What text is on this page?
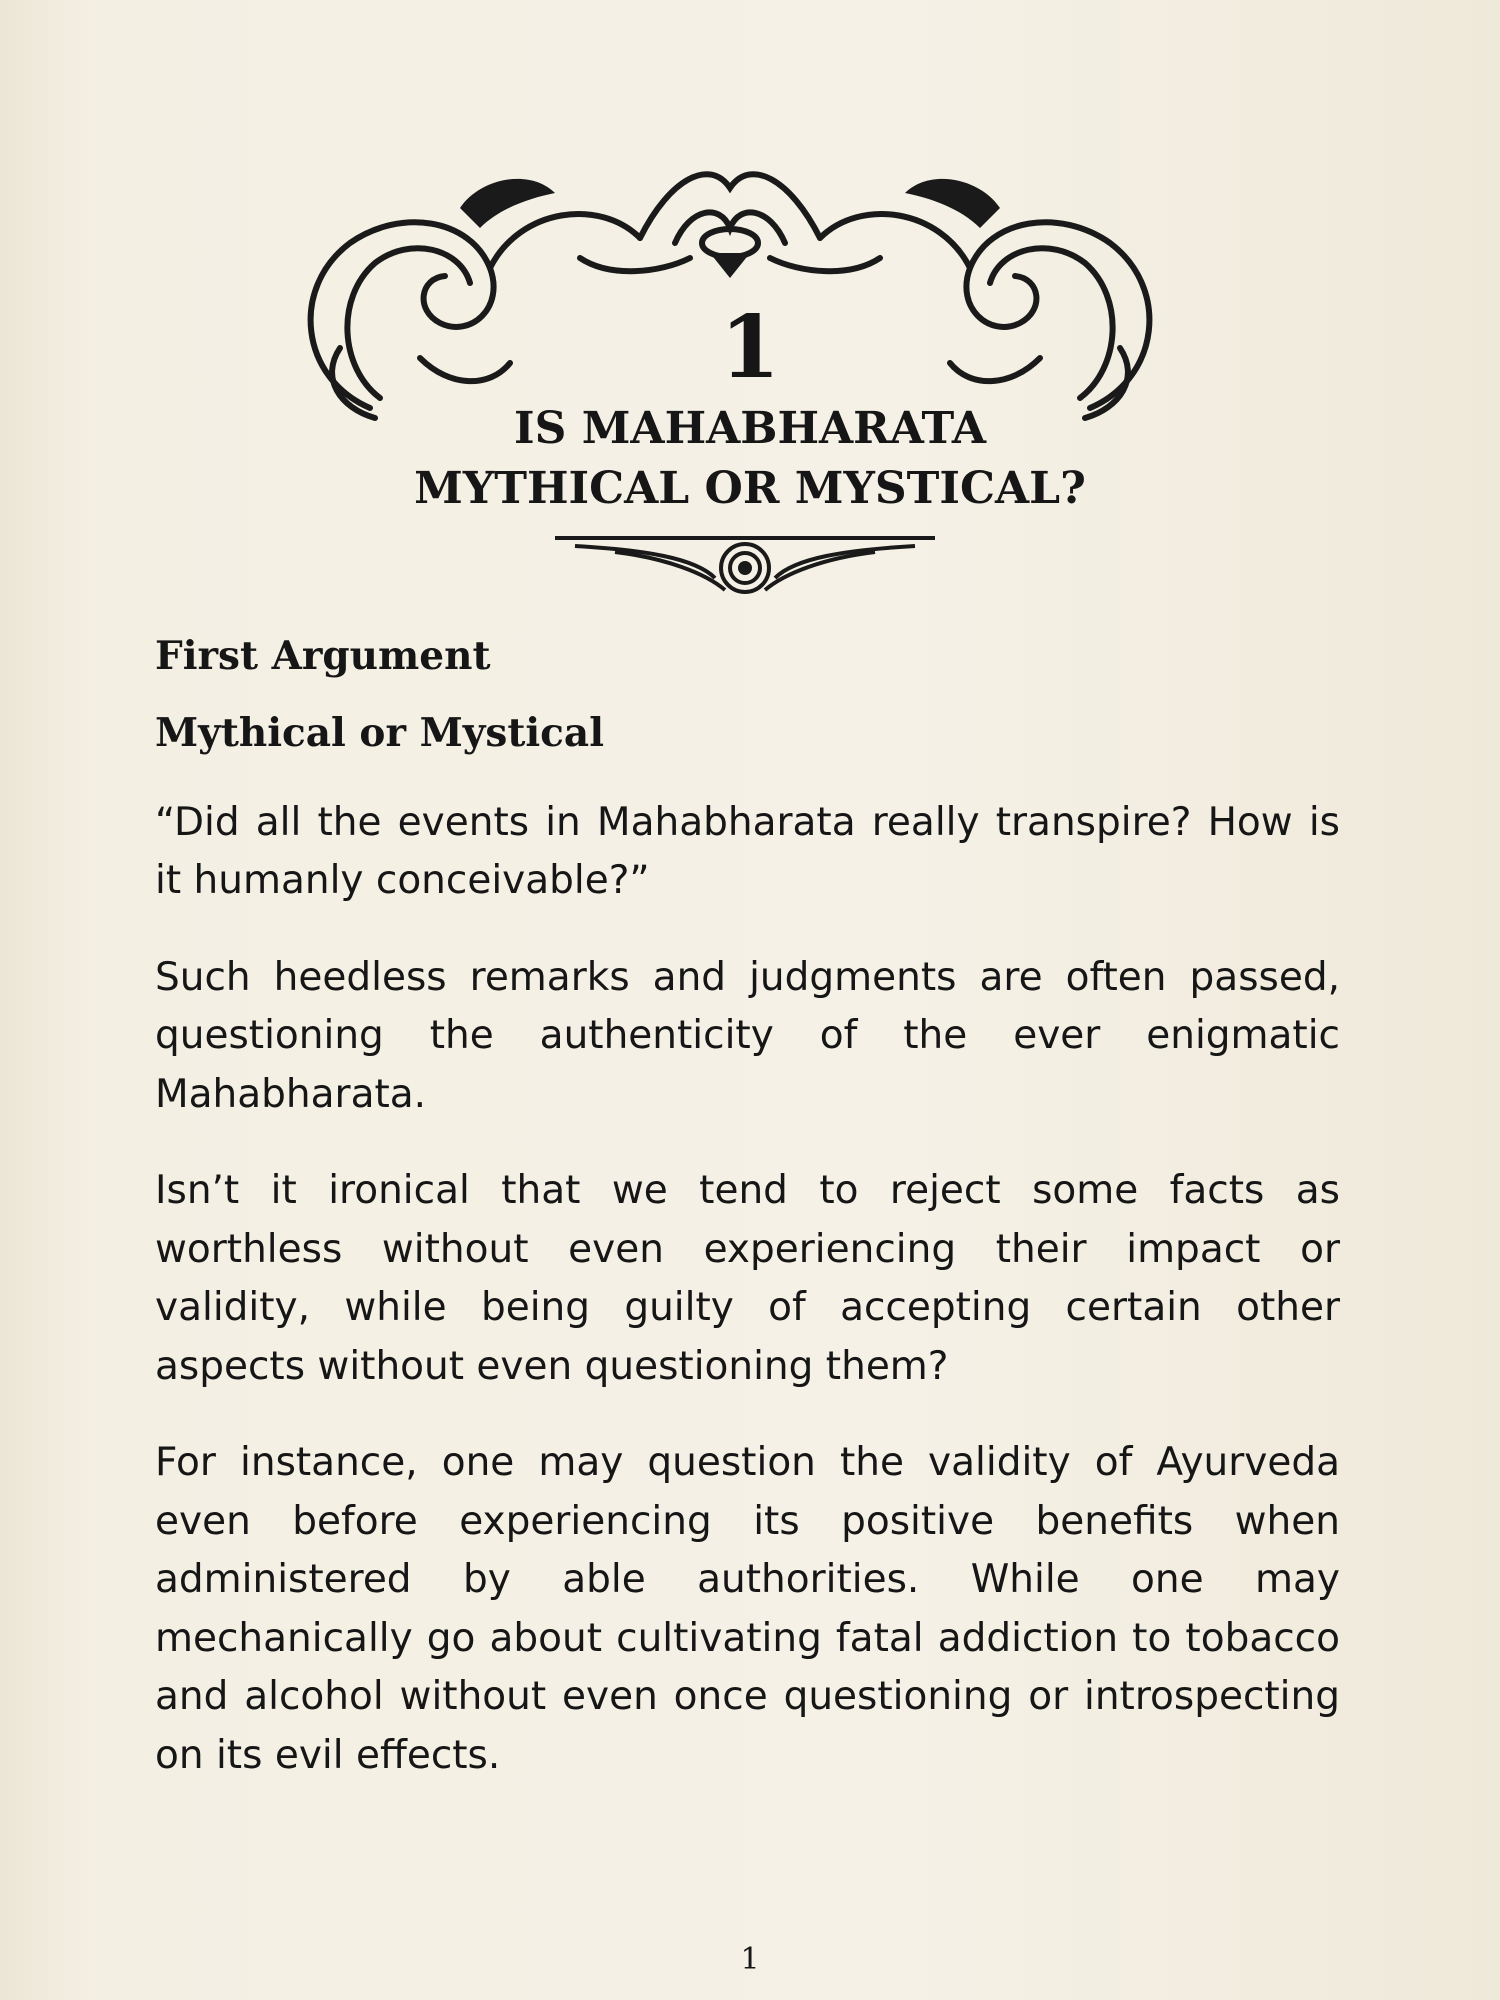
1
IS MAHABHARATA
MYTHICAL OR MYSTICAL?
First Argument
Mythical or Mystical

“Did all the events in Mahabharata really transpire? How is it humanly conceivable?”

Such heedless remarks and judgments are often passed, questioning the authenticity of the ever enigmatic Mahabharata.

Isn’t it ironical that we tend to reject some facts as worthless without even experiencing their impact or validity, while being guilty of accepting certain other aspects without even questioning them?

For instance, one may question the validity of Ayurveda even before experiencing its positive benefits when administered by able authorities. While one may mechanically go about cultivating fatal addiction to tobacco and alcohol without even once questioning or introspecting on its evil effects.

1
